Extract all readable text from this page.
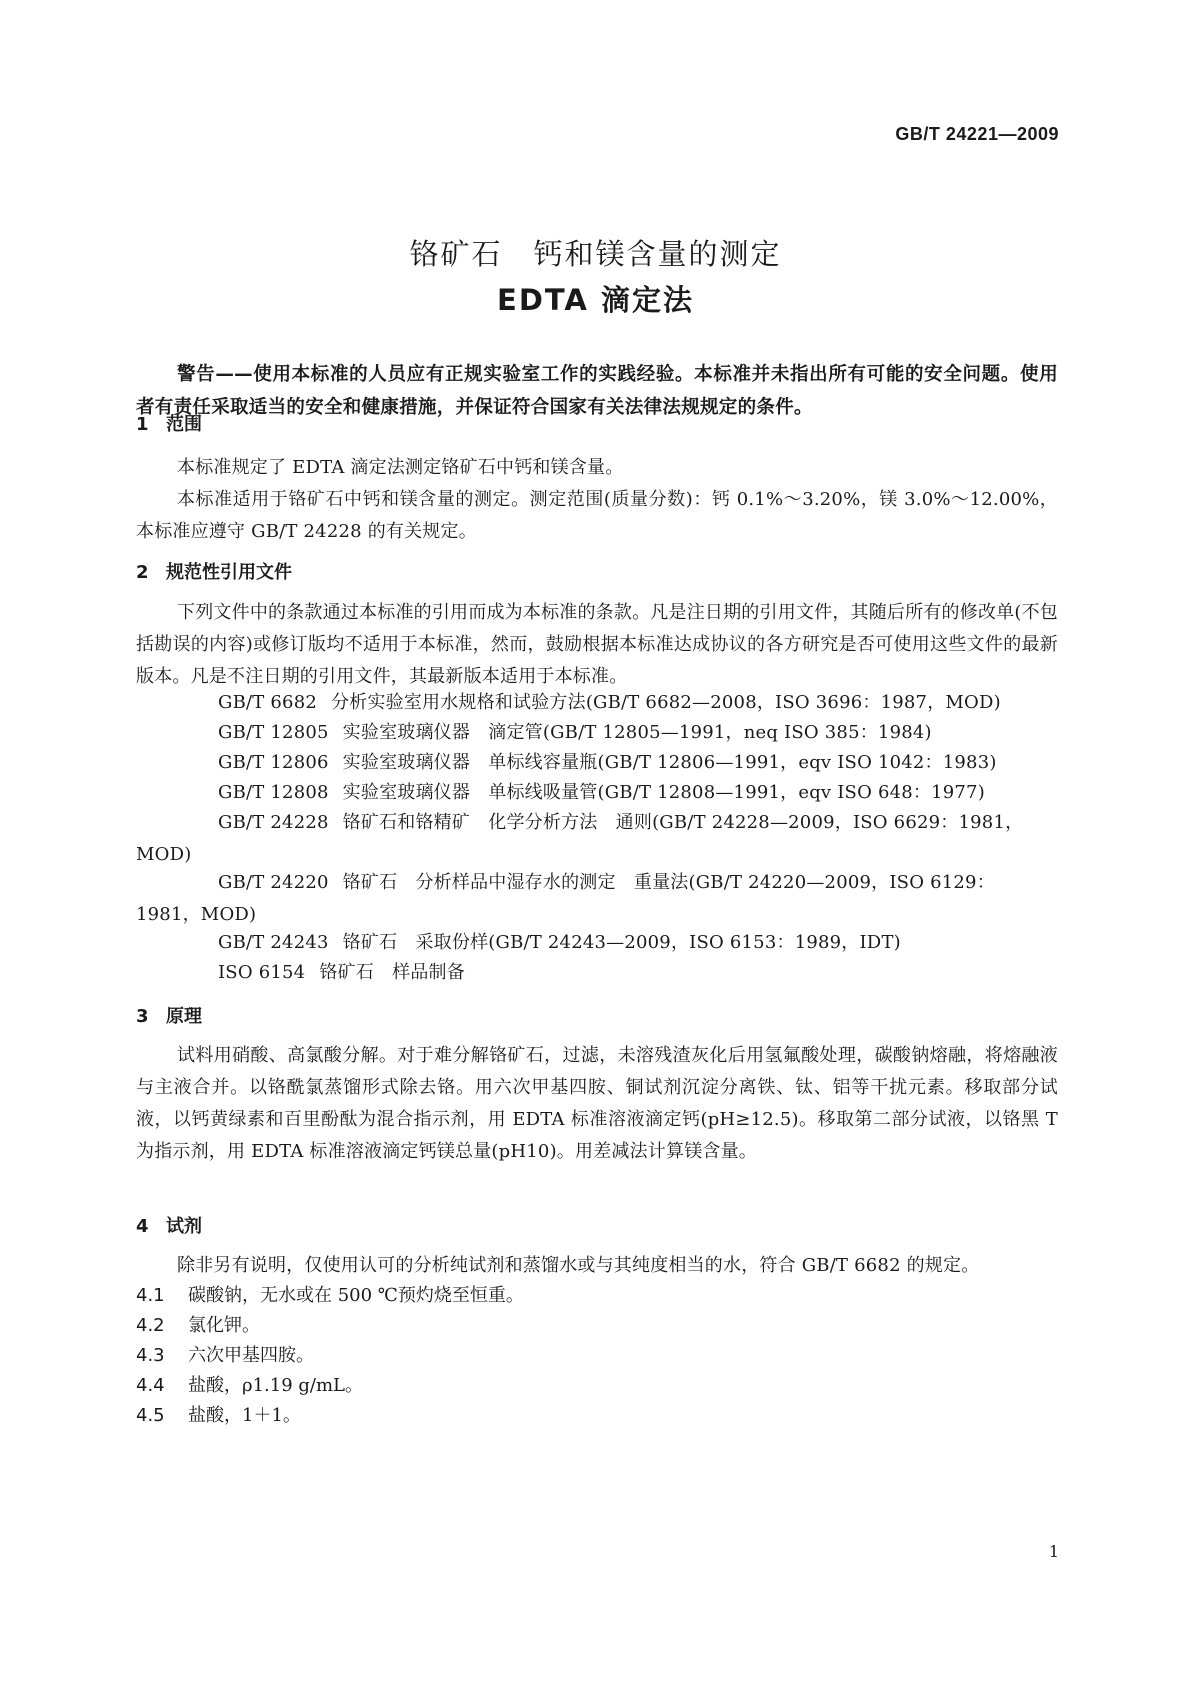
GB/T 24221—2009
铬矿石　钙和镁含量的测定
EDTA 滴定法
警告——使用本标准的人员应有正规实验室工作的实践经验。本标准并未指出所有可能的安全问题。使用者有责任采取适当的安全和健康措施，并保证符合国家有关法律法规规定的条件。
1 范围
本标准规定了 EDTA 滴定法测定铬矿石中钙和镁含量。
本标准适用于铬矿石中钙和镁含量的测定。测定范围(质量分数)：钙 0.1%～3.20%，镁 3.0%～12.00%，本标准应遵守 GB/T 24228 的有关规定。
2 规范性引用文件
下列文件中的条款通过本标准的引用而成为本标准的条款。凡是注日期的引用文件，其随后所有的修改单(不包括勘误的内容)或修订版均不适用于本标准，然而，鼓励根据本标准达成协议的各方研究是否可使用这些文件的最新版本。凡是不注日期的引用文件，其最新版本适用于本标准。
GB/T 6682 分析实验室用水规格和试验方法(GB/T 6682—2008，ISO 3696：1987，MOD)
GB/T 12805 实验室玻璃仪器　滴定管(GB/T 12805—1991，neq ISO 385：1984)
GB/T 12806 实验室玻璃仪器　单标线容量瓶(GB/T 12806—1991，eqv ISO 1042：1983)
GB/T 12808 实验室玻璃仪器　单标线吸量管(GB/T 12808—1991，eqv ISO 648：1977)
GB/T 24228 铬矿石和铬精矿　化学分析方法　通则(GB/T 24228—2009，ISO 6629：1981，MOD)
GB/T 24220 铬矿石　分析样品中湿存水的测定　重量法(GB/T 24220—2009，ISO 6129：1981，MOD)
GB/T 24243 铬矿石　采取份样(GB/T 24243—2009，ISO 6153：1989，IDT)
ISO 6154 铬矿石　样品制备
3 原理
试料用硝酸、高氯酸分解。对于难分解铬矿石，过滤，未溶残渣灰化后用氢氟酸处理，碳酸钠熔融，将熔融液与主液合并。以铬酰氯蒸馏形式除去铬。用六次甲基四胺、铜试剂沉淀分离铁、钛、铝等干扰元素。移取部分试液，以钙黄绿素和百里酚酞为混合指示剂，用 EDTA 标准溶液滴定钙(pH≥12.5)。移取第二部分试液，以铬黑 T 为指示剂，用 EDTA 标准溶液滴定钙镁总量(pH10)。用差减法计算镁含量。
4 试剂
除非另有说明，仅使用认可的分析纯试剂和蒸馏水或与其纯度相当的水，符合 GB/T 6682 的规定。
4.1 碳酸钠，无水或在 500 ℃预灼烧至恒重。
4.2 氯化钾。
4.3 六次甲基四胺。
4.4 盐酸，ρ1.19 g/mL。
4.5 盐酸，1＋1。
1
